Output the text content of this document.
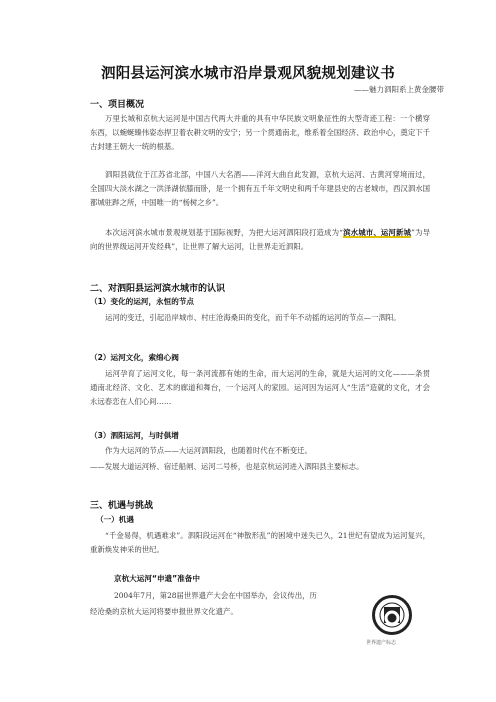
泗阳县运河滨水城市沿岸景观风貌规划建议书
——魅力泗阳系上黄金腰带
一、项目概况
万里长城和京杭大运河是中国古代两大并重的具有中华民族文明象征性的大型奇迹工程：一个横穿东西，以蜿蜒臻伟姿态捍卫着农耕文明的安宁；另一个贯通南北，维系着全国经济、政治中心，奠定下千古封建王朝大一统的根基。
泗阳县就位于江苏省北部，中国八大名酒——洋河大曲自此发源，京杭大运河、古黄河穿境而过，全国四大淡水湖之一洪泽湖依膝而卧，是一个拥有五千年文明史和两千年建县史的古老城市，西汉泗水国都城驻跸之所，中国唯一的“杨树之乡”。
本次运河滨水城市景观规划基于国际视野，为把大运河泗阳段打造成为“滨水城市、运河新城”为导向的世界级运河开发经典”，让世界了解大运河，让世界走近泗阳。
二、对泗阳县运河滨水城市的认识
（1）变化的运河，永恒的节点
运河的变迁，引起沿岸城市、村庄沧海桑田的变化，而千年不动摇的运河的节点—一泗阳。
（2）运河文化，索绵心阀
运河孕育了运河文化，每一条河流都有她的生命，而大运河的生命，就是大运河的文化———条贯通南北经济、文化、艺术的廊道和舞台，一个运河人的家园。运河因为运河人“生活”造就的文化，才会永远春恋在人们心间……
（3）泗阳运河，与时俱增
作为大运河的节点——大运河泗阳段，也随着时代在不断变迁。
——发展大道运河桥、宿迁船闸、运河二号桥，也是京杭运河进入泗阳县主要标志。
三、机遇与挑战
（一）机遇
“千金易得，机遇难求”。泗阳段运河在“神散形乱”的困境中迷失已久，21世纪有望成为运河复兴，重新焕发神采的世纪。
京杭大运河“申遗”准备中
2004年7月，第28届世界遗产大会在中国举办，会议传出，历
经沧桑的京杭大运河将要申报世界文化遗产。
世界遗产标志
